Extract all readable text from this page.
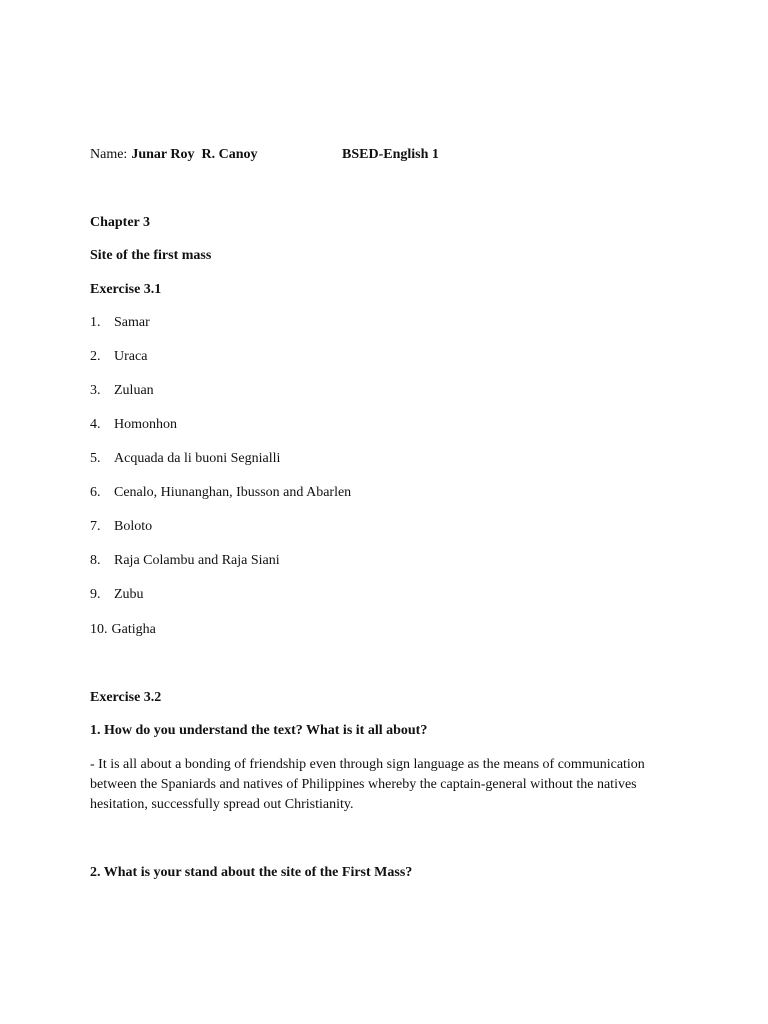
Name: Junar Roy  R. Canoy	BSED-English 1
Chapter 3
Site of the first mass
Exercise 3.1
1. Samar
2. Uraca
3. Zuluan
4. Homonhon
5. Acquada da li buoni Segnialli
6. Cenalo, Hiunanghan, Ibusson and Abarlen
7. Boloto
8. Raja Colambu and Raja Siani
9. Zubu
10. Gatigha
Exercise 3.2
1. How do you understand the text? What is it all about?
- It is all about a bonding of friendship even through sign language as the means of communication between the Spaniards and natives of Philippines whereby the captain-general without the natives hesitation, successfully spread out Christianity.
2. What is your stand about the site of the First Mass?
